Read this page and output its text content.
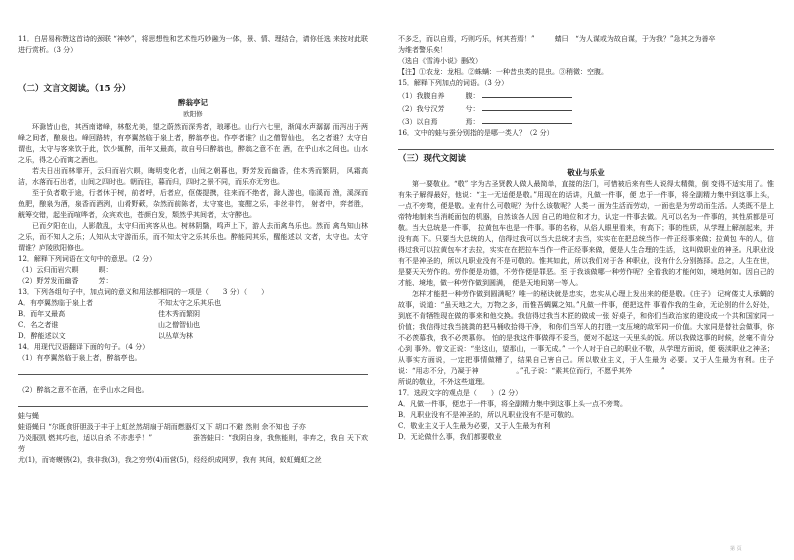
11．白居易称赞这首诗的颈联 “神妙”，将思想性和艺术性巧妙融为一体，景、情、理结合，请你任选 来按对此联进行赏析。（3 分）

（二）文言文阅读。（15 分）
醉翁亭记
欧阳修

环滁皆山也，其西南诸峰，林壑尤美，望之蔚然而深秀者，琅琊也。山行六七里，渐闻水声潺潺 而泻出于两峰之间者，酿泉也。峰回路转，有亭翼然临于泉上者，醉翁亭也。作亭者谁？山之僧智仙也， 名之者谁？太守自谓也，太守与客来饮于此，饮少辄醉，而年又最高，故自号曰醉翁也，醉翁之意不在 酒，在乎山水之间也。山水之乐，得之心而寓之酒也。

若夫日出而林霏开，云归而岩穴暝，晦明变化者，山间之朝暮也，野芳发而幽香，佳木秀而繁阴， 风霜高洁，水落而石出者，山间之四时也。朝而往，暮而归，四时之景不同，而乐亦无穷也。

至于负者歌于途，行者休于树，前者呼，后者应，伛偻提携，往来而不绝者，滁人游也，临溪而 渔，溪深而鱼肥，酿泉为酒，泉香而酒洌，山肴野蔌，杂然而前陈者，太守宴也，宴酣之乐，非丝非竹， 射者中，弈者胜，觥筹交错，起坐而喧哗者，众宾欢也，苍颜白发，颓然乎其间者，太守醉也。

已而夕阳在山，人影散乱，太守归而宾客从也。树林阴翳，鸣声上下，游人去而禽鸟乐也。然而 禽鸟知山林之乐，而不知人之乐；人知从太守游而乐，而不知太守之乐其乐也。醉能同其乐，醒能述以 文者，太守也。太守谓谁？庐陵欧阳修也。

12．解释下列词语在文句中的意思。（2 分）

（1）云归而岩穴暝	暝：

（2）野芳发而幽香	芳：

13．下列各组句子中，加点词的意义和用法都相同的一项是（　　3 分）（　　）

A．有亭翼然临于泉上者	不知太守之乐其乐也

B．而年又最高	佳木秀而繁阴

C．名之者谁	山之僧智仙也

D．醉能述以文	以丛草为林

14．用现代汉语翻译下面的句子。（4 分）

（1）有亭翼然临于泉上者，醉翁亭也。

（2）醉翁之意不在酒，在乎山水之间也。

蛙与蝇

蛙语蝇曰 “尔既食肝胆汲于丰于上虹丝然胡扇于胡而燃器灯又下 胡口不避 然则 余不知也 子亦

乃炎服凯 燃其巧也，适以自杀 不亦悲乎！”	蚕答蛙曰：“我阴自身，我焦能则，非弃之，我自 天下欢劳

尤(1)，而寄蟆锈(2)，我非我(3)，我之穷劳(4)而营(5)，经经织成网罗，我有 其间，蚁虹蝇虹之丝

不多乏，而以自焉，巧则巧乐，何其苔焉！”	蜻曰 “为人谋或为故自谋，于为我？”急其之为善卒

为维者警乐矣！

（选自《雪涛小说》删改）

【注】①农龙：龙相。②蛛螨：一种昔虫类的昆虫。③稍微：空腹。

15．解释下列加点的词语。（3 分）

（1）我腹自养　　　腹：

（2）我兮汉芳　　　兮：

（3）以自焉　　　　焉：

16．文中的蛙与蚕分别指的是哪一类人？（2 分）

（三）现代文阅读
敬业与乐业

第一要敬业。“敬” 字为古圣贤教人做人最简单，直接的法门，可惜被后来有些人说得太精微，倒 变得不适实用了。惟有朱子解得最好，他说：“主一无适便是敬。”用现在的话讲，凡做一件事，便 忠于一件事，将全副精力集中到这事上头，一点不旁骛，便是敬。业有什么可敬呢？为什么该敬呢？人类一 面为生活而劳动，一面也是为劳动而生活。人类既不是上帝特地制来当消耗面包的机器，自然该各人因 自己的地位和才力，认定一件事去做。凡可以名为一件事的，其性质都是可敬。当大总统是一件事， 拉黄包车也是一件事。事的名称，从俗人眼里看来，有高下；事的性质，从学理上解剖起来，并没有高 下。只要当大总统的人，信得过我可以当大总统才去当，实实在在把总统当作一件正经事来做；拉黄包 车的人，信得过我可以拉黄包车才去拉，实实在在把拉车当作一件正经事来做，便是人生合理的生活， 这叫做职业的神圣。凡职业没有不是神圣的，所以凡职业没有不是可敬的。惟其如此，所以我们对于各 种职业，没有什么分别拣择。总之，人生在世，是要天天劳作的。劳作便是功德，不劳作便是罪恶。至 于我该做哪一种劳作呢？全看我的才能何如，境地何如。因自己的才能、境地，做一种劳作做到圆满， 便是天地间第一等人。

怎样才能把一种劳作做到圆满呢？唯一的秘诀就是忠实，忠实从心理上发出来的便是敬。《庄子》 记疴偻丈人承蜩的故事，说道：“虽天地之大，万物之多，而惟吾蜩翼之知。”凡做一件事，便把这件 事看作我的生命，无论别的什么好处，到底不肯牺牲现在做的事来和他交换。我信得过我当木匠的做成一张 好桌子，和你们当政治家的建设成一个共和国家同一价值；我信得过我当挑粪的把马桶收拾得干净， 和你们当军人的打胜一支压境的敌军同一价值。大家同是替社会做事，你不必羡慕我，我不必羡慕你。 怕的是我这件事做得不妥当，便对不起这一天里头的饭。所以我做这事的时候，丝毫不肯分心到 事外。曾文正说：“坐这山，望那山，一事无成。” 一个人对于自己的职业不敬，从学理方面说，便 亵渎职业之神圣；从事实方面说，一定把事情做糟了，结果自己害自己。所以敬业主义，于人生最为 必要。又于人生最为有利。庄子说：“用志不分，乃凝于神	。”孔子说：“素其位而行，不愿乎其外	”

所说的敬业，不外这些道理。

17．选段文字的观点是（　　）（2 分）

A．凡做一件事，便忠于一件事，将全副精力集中到这事上头一点不旁骛。

B．凡职业没有不是神圣的，所以凡职业没有不是可敬的。

C．敬业主义于人生最为必要，又于人生最为有利

D．无论做什么事，我们都要敬业

第 页
